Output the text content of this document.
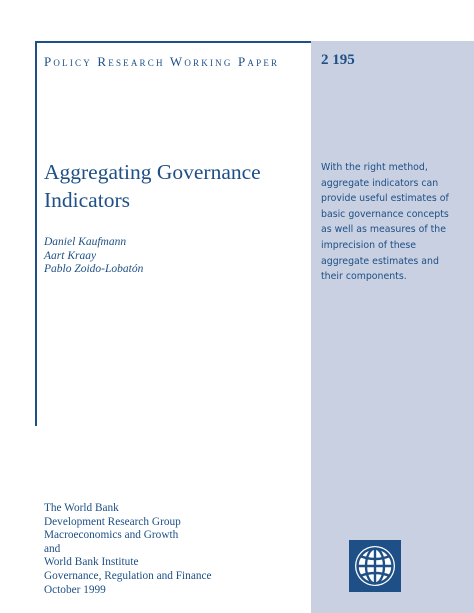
Policy Research Working Paper	2 195
Aggregating Governance
Indicators
Daniel Kaufmann
Aart Kraay
Pablo Zoido-Lobatón
With the right method,
aggregate indicators can
provide useful estimates of
basic governance concepts
as well as measures of the
imprecision of these
aggregate estimates and
their components.
The World Bank
Development Research Group
Macroeconomics and Growth
and
World Bank Institute
Governance, Regulation and Finance
October 1999
